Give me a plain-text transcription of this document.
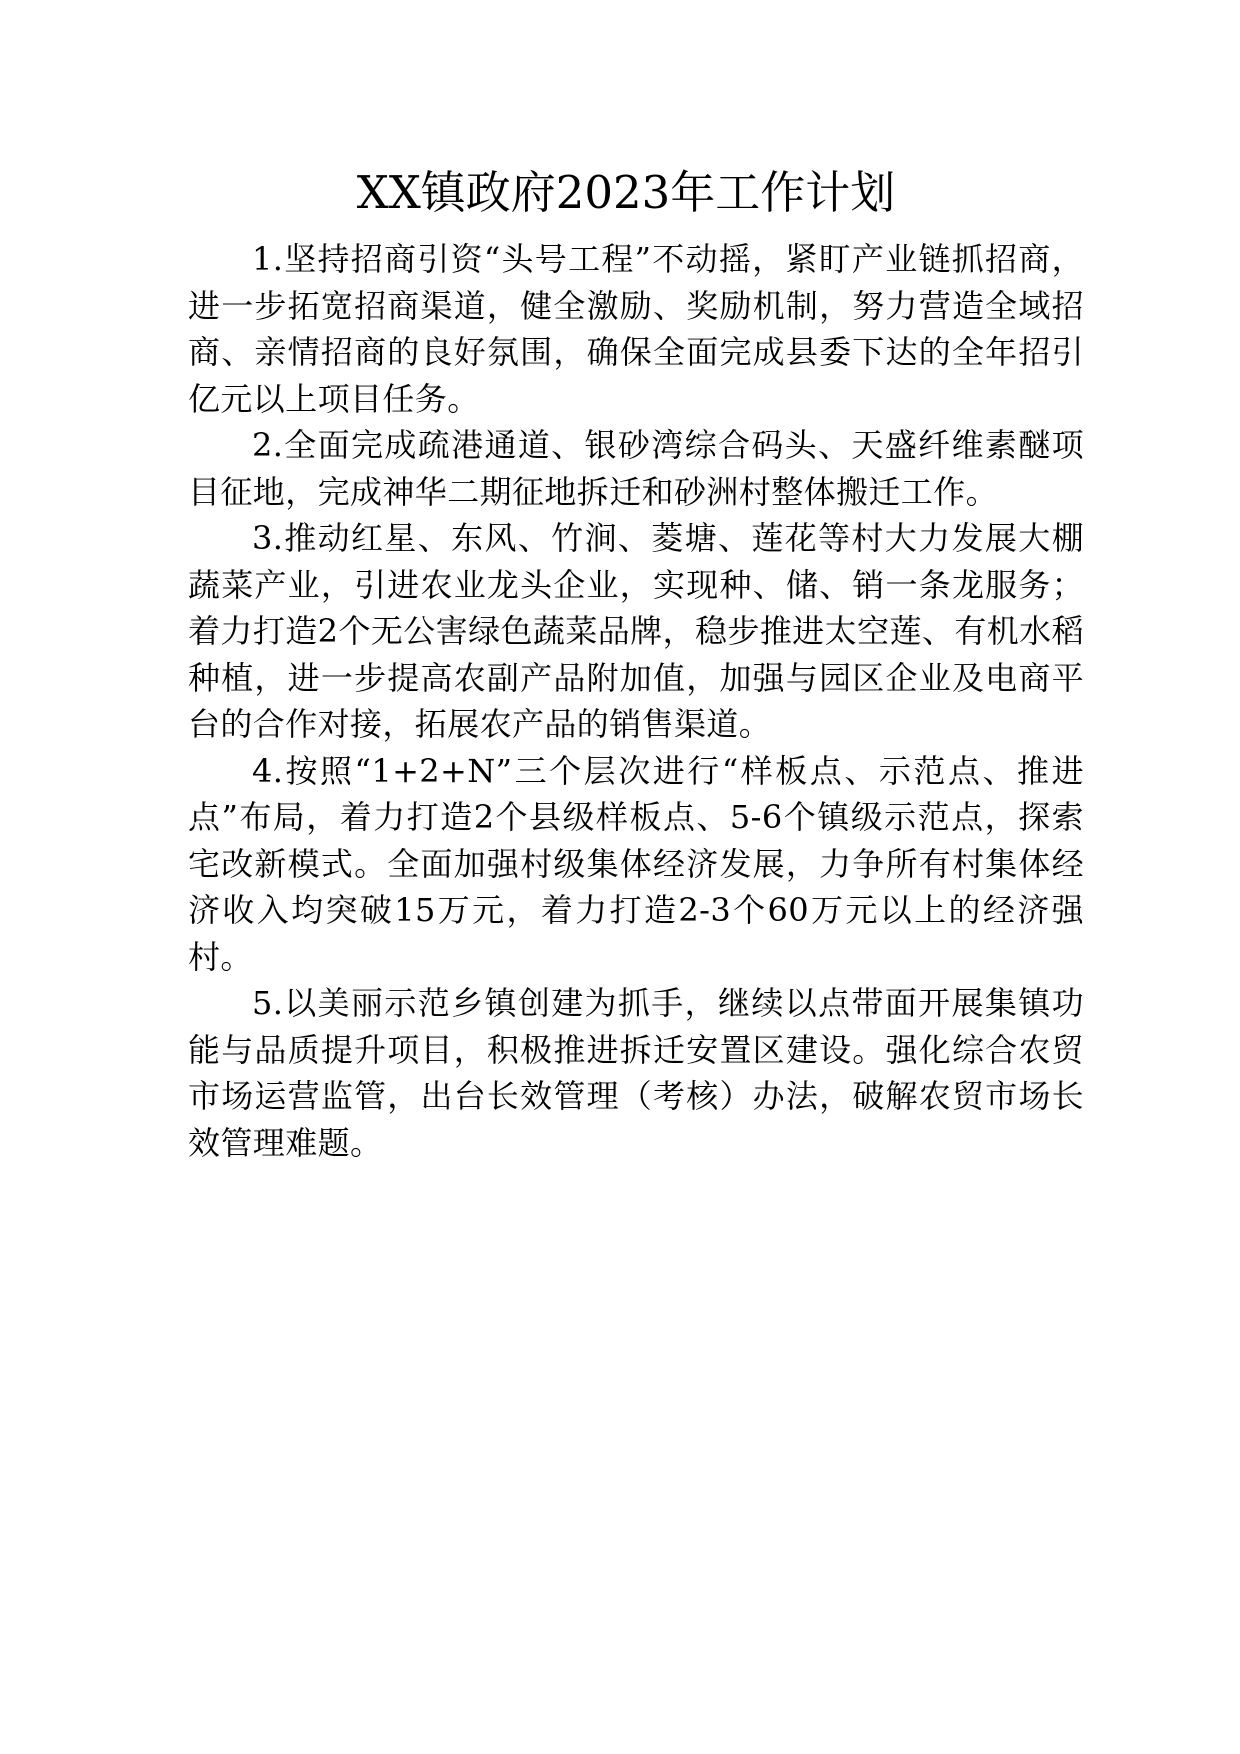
XX镇政府2023年工作计划

1.坚持招商引资“头号工程”不动摇，紧盯产业链抓招商，进一步拓宽招商渠道，健全激励、奖励机制，努力营造全域招商、亲情招商的良好氛围，确保全面完成县委下达的全年招引亿元以上项目任务。

2.全面完成疏港通道、银砂湾综合码头、天盛纤维素醚项目征地，完成神华二期征地拆迁和砂洲村整体搬迁工作。

3.推动红星、东风、竹涧、菱塘、莲花等村大力发展大棚蔬菜产业，引进农业龙头企业，实现种、储、销一条龙服务；着力打造2个无公害绿色蔬菜品牌，稳步推进太空莲、有机水稻种植，进一步提高农副产品附加值，加强与园区企业及电商平台的合作对接，拓展农产品的销售渠道。

4.按照“1+2+N”三个层次进行“样板点、示范点、推进点”布局，着力打造2个县级样板点、5-6个镇级示范点，探索宅改新模式。全面加强村级集体经济发展，力争所有村集体经济收入均突破15万元，着力打造2-3个60万元以上的经济强村。

5.以美丽示范乡镇创建为抓手，继续以点带面开展集镇功能与品质提升项目，积极推进拆迁安置区建设。强化综合农贸市场运营监管，出台长效管理（考核）办法，破解农贸市场长效管理难题。
